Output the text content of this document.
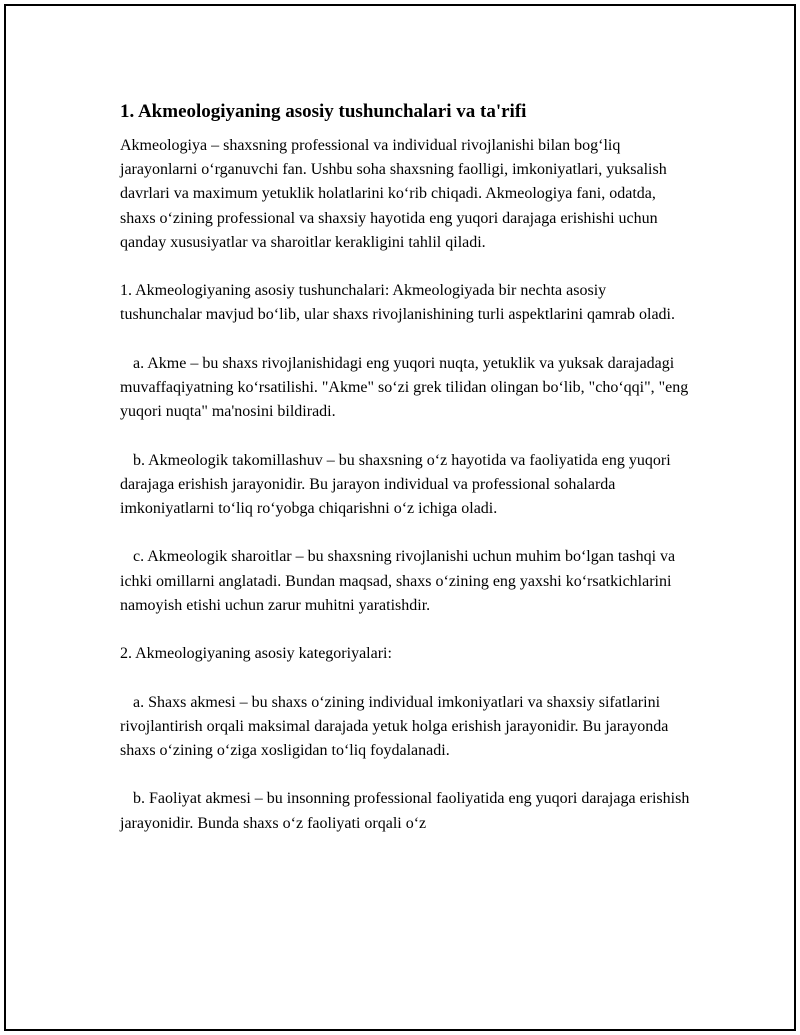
1. Akmeologiyaning asosiy tushunchalari va ta'rifi

Akmeologiya – shaxsning professional va individual rivojlanishi bilan bog‘liq jarayonlarni o‘rganuvchi fan. Ushbu soha shaxsning faolligi, imkoniyatlari, yuksalish davrlari va maximum yetuklik holatlarini ko‘rib chiqadi. Akmeologiya fani, odatda, shaxs o‘zining professional va shaxsiy hayotida eng yuqori darajaga erishishi uchun qanday xususiyatlar va sharoitlar kerakligini tahlil qiladi.

1. Akmeologiyaning asosiy tushunchalari: Akmeologiyada bir nechta asosiy tushunchalar mavjud bo‘lib, ular shaxs rivojlanishining turli aspektlarini qamrab oladi.

a. Akme – bu shaxs rivojlanishidagi eng yuqori nuqta, yetuklik va yuksak darajadagi muvaffaqiyatning ko‘rsatilishi. "Akme" so‘zi grek tilidan olingan bo‘lib, "cho‘qqi", "eng yuqori nuqta" ma'nosini bildiradi.

b. Akmeologik takomillashuv – bu shaxsning o‘z hayotida va faoliyatida eng yuqori darajaga erishish jarayonidir. Bu jarayon individual va professional sohalarda imkoniyatlarni to‘liq ro‘yobga chiqarishni o‘z ichiga oladi.

c. Akmeologik sharoitlar – bu shaxsning rivojlanishi uchun muhim bo‘lgan tashqi va ichki omillarni anglatadi. Bundan maqsad, shaxs o‘zining eng yaxshi ko‘rsatkichlarini namoyish etishi uchun zarur muhitni yaratishdir.

2. Akmeologiyaning asosiy kategoriyalari:

a. Shaxs akmesi – bu shaxs o‘zining individual imkoniyatlari va shaxsiy sifatlarini rivojlantirish orqali maksimal darajada yetuk holga erishish jarayonidir. Bu jarayonda shaxs o‘zining o‘ziga xosligidan to‘liq foydalanadi.

b. Faoliyat akmesi – bu insonning professional faoliyatida eng yuqori darajaga erishish jarayonidir. Bunda shaxs o‘z faoliyati orqali o‘z
